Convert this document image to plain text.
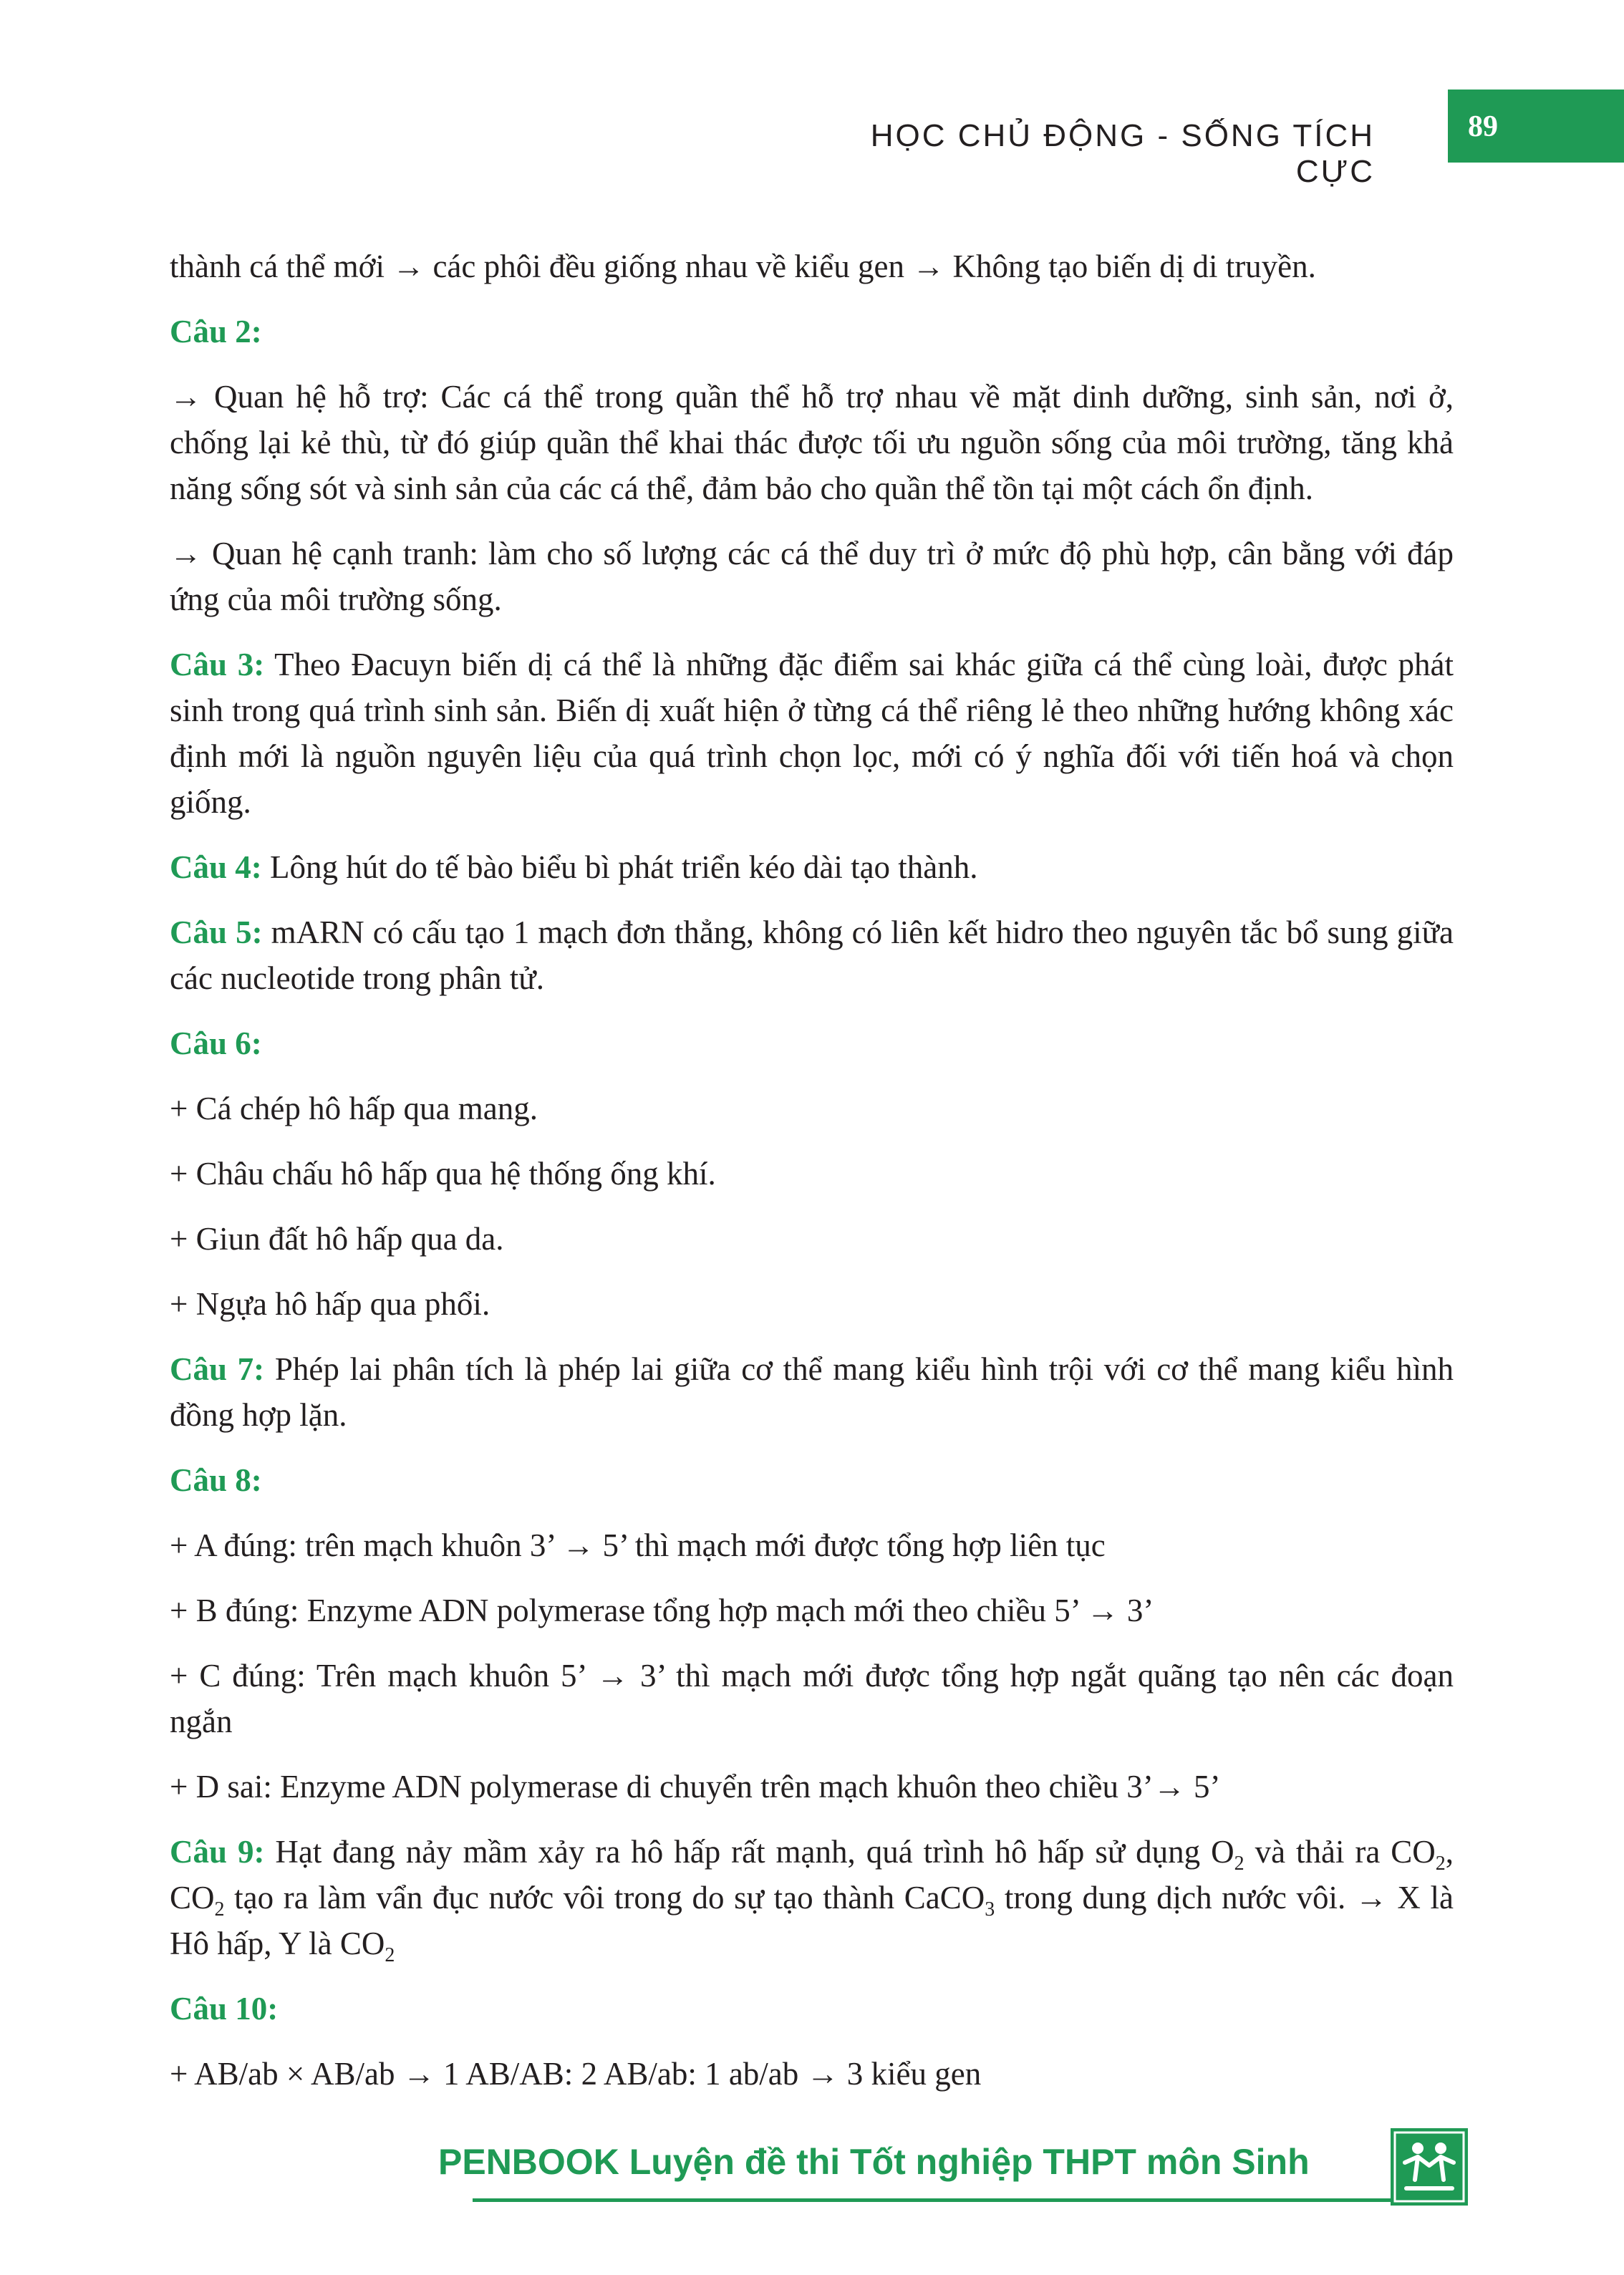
HỌC CHỦ ĐỘNG - SỐNG TÍCH CỰC
89

thành cá thể mới → các phôi đều giống nhau về kiểu gen → Không tạo biến dị di truyền.

Câu 2:

→ Quan hệ hỗ trợ: Các cá thể trong quần thể hỗ trợ nhau về mặt dinh dưỡng, sinh sản, nơi ở, chống lại kẻ thù, từ đó giúp quần thể khai thác được tối ưu nguồn sống của môi trường, tăng khả năng sống sót và sinh sản của các cá thể, đảm bảo cho quần thể tồn tại một cách ổn định.

→ Quan hệ cạnh tranh: làm cho số lượng các cá thể duy trì ở mức độ phù hợp, cân bằng với đáp ứng của môi trường sống.

Câu 3: Theo Đacuyn biến dị cá thể là những đặc điểm sai khác giữa cá thể cùng loài, được phát sinh trong quá trình sinh sản. Biến dị xuất hiện ở từng cá thể riêng lẻ theo những hướng không xác định mới là nguồn nguyên liệu của quá trình chọn lọc, mới có ý nghĩa đối với tiến hoá và chọn giống.

Câu 4: Lông hút do tế bào biểu bì phát triển kéo dài tạo thành.

Câu 5: mARN có cấu tạo 1 mạch đơn thẳng, không có liên kết hidro theo nguyên tắc bổ sung giữa các nucleotide trong phân tử.

Câu 6:

+ Cá chép hô hấp qua mang.

+ Châu chấu hô hấp qua hệ thống ống khí.

+ Giun đất hô hấp qua da.

+ Ngựa hô hấp qua phổi.

Câu 7: Phép lai phân tích là phép lai giữa cơ thể mang kiểu hình trội với cơ thể mang kiểu hình đồng hợp lặn.

Câu 8:

+ A đúng: trên mạch khuôn 3’ → 5’ thì mạch mới được tổng hợp liên tục

+ B đúng: Enzyme ADN polymerase tổng hợp mạch mới theo chiều 5’ → 3’

+ C đúng: Trên mạch khuôn 5’ → 3’ thì mạch mới được tổng hợp ngắt quãng tạo nên các đoạn ngắn

+ D sai: Enzyme ADN polymerase di chuyển trên mạch khuôn theo chiều 3’→ 5’

Câu 9: Hạt đang nảy mầm xảy ra hô hấp rất mạnh, quá trình hô hấp sử dụng $O_2$ và thải ra $CO_2$, $CO_2$ tạo ra làm vẩn đục nước vôi trong do sự tạo thành CaCO$_3$ trong dung dịch nước vôi. → X là Hô hấp, Y là $CO_2$

Câu 10:

+ AB/ab × AB/ab → 1 AB/AB: 2 AB/ab: 1 ab/ab → 3 kiểu gen

PENBOOK Luyện đề thi Tốt nghiệp THPT môn Sinh
